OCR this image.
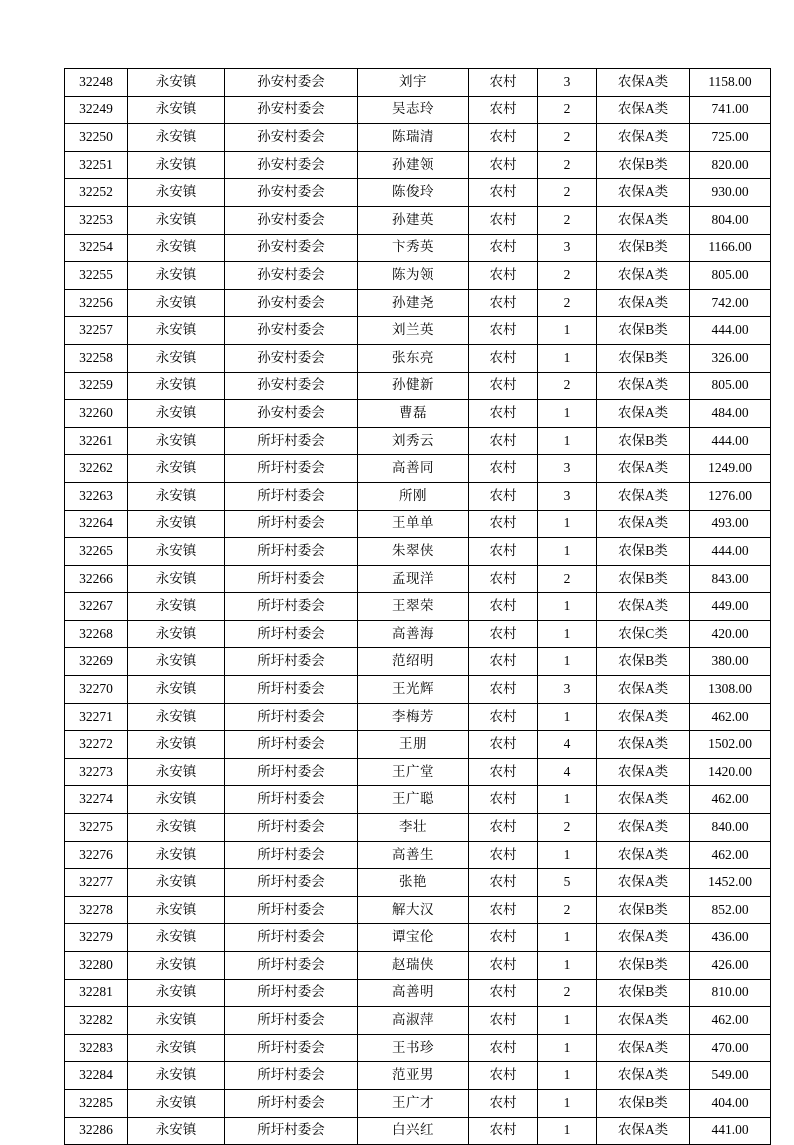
32248	永安镇	孙安村委会	刘宇	农村	3	农保A类	1158.00
32249	永安镇	孙安村委会	吴志玲	农村	2	农保A类	741.00
32250	永安镇	孙安村委会	陈瑞清	农村	2	农保A类	725.00
32251	永安镇	孙安村委会	孙建领	农村	2	农保B类	820.00
32252	永安镇	孙安村委会	陈俊玲	农村	2	农保A类	930.00
32253	永安镇	孙安村委会	孙建英	农村	2	农保A类	804.00
32254	永安镇	孙安村委会	卞秀英	农村	3	农保B类	1166.00
32255	永安镇	孙安村委会	陈为领	农村	2	农保A类	805.00
32256	永安镇	孙安村委会	孙建尧	农村	2	农保A类	742.00
32257	永安镇	孙安村委会	刘兰英	农村	1	农保B类	444.00
32258	永安镇	孙安村委会	张东亮	农村	1	农保B类	326.00
32259	永安镇	孙安村委会	孙健新	农村	2	农保A类	805.00
32260	永安镇	孙安村委会	曹磊	农村	1	农保A类	484.00
32261	永安镇	所圩村委会	刘秀云	农村	1	农保B类	444.00
32262	永安镇	所圩村委会	高善同	农村	3	农保A类	1249.00
32263	永安镇	所圩村委会	所刚	农村	3	农保A类	1276.00
32264	永安镇	所圩村委会	王单单	农村	1	农保A类	493.00
32265	永安镇	所圩村委会	朱翠侠	农村	1	农保B类	444.00
32266	永安镇	所圩村委会	孟现洋	农村	2	农保B类	843.00
32267	永安镇	所圩村委会	王翠荣	农村	1	农保A类	449.00
32268	永安镇	所圩村委会	高善海	农村	1	农保C类	420.00
32269	永安镇	所圩村委会	范绍明	农村	1	农保B类	380.00
32270	永安镇	所圩村委会	王光辉	农村	3	农保A类	1308.00
32271	永安镇	所圩村委会	李梅芳	农村	1	农保A类	462.00
32272	永安镇	所圩村委会	王朋	农村	4	农保A类	1502.00
32273	永安镇	所圩村委会	王广堂	农村	4	农保A类	1420.00
32274	永安镇	所圩村委会	王广聪	农村	1	农保A类	462.00
32275	永安镇	所圩村委会	李壮	农村	2	农保A类	840.00
32276	永安镇	所圩村委会	高善生	农村	1	农保A类	462.00
32277	永安镇	所圩村委会	张艳	农村	5	农保A类	1452.00
32278	永安镇	所圩村委会	解大汉	农村	2	农保B类	852.00
32279	永安镇	所圩村委会	谭宝伦	农村	1	农保A类	436.00
32280	永安镇	所圩村委会	赵瑞侠	农村	1	农保B类	426.00
32281	永安镇	所圩村委会	高善明	农村	2	农保B类	810.00
32282	永安镇	所圩村委会	高淑萍	农村	1	农保A类	462.00
32283	永安镇	所圩村委会	王书珍	农村	1	农保A类	470.00
32284	永安镇	所圩村委会	范亚男	农村	1	农保A类	549.00
32285	永安镇	所圩村委会	王广才	农村	1	农保B类	404.00
32286	永安镇	所圩村委会	白兴红	农村	1	农保A类	441.00
